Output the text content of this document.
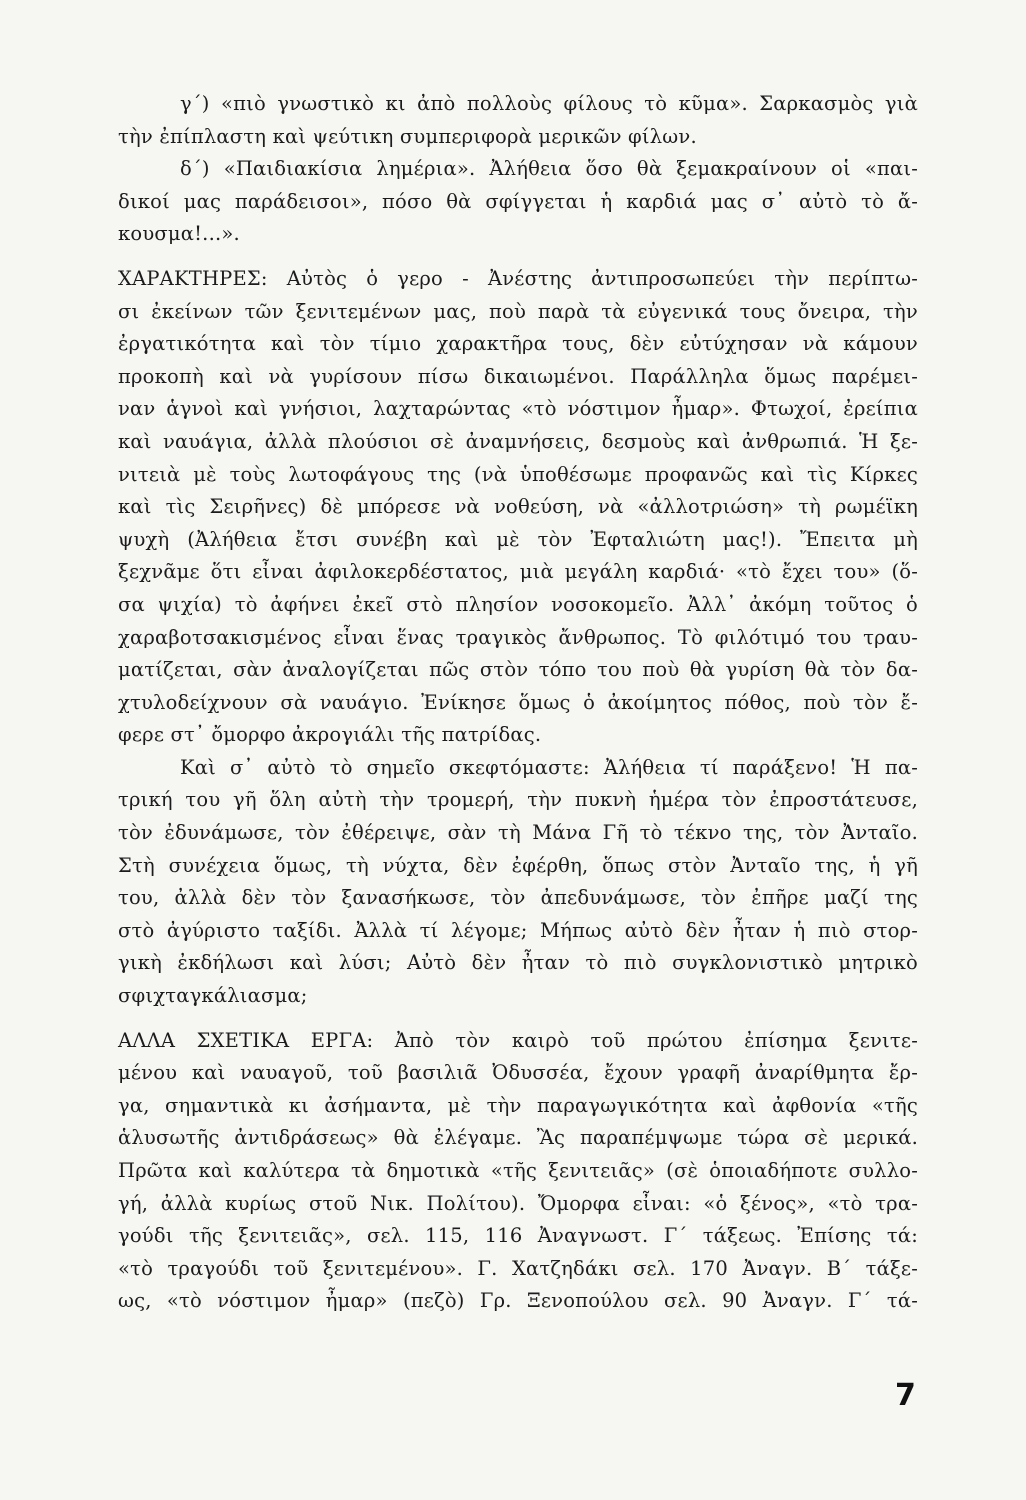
γ΄) «πιὸ γνωστικὸ κι ἀπὸ πολλοὺς φίλους τὸ κῦμα». Σαρκασμὸς γιὰ
τὴν ἐπίπλαστη καὶ ψεύτικη συμπεριφορὰ μερικῶν φίλων.
δ΄) «Παιδιακίσια λημέρια». Ἀλήθεια ὅσο θὰ ξεμακραίνουν οἱ «παι-
δικοί μας παράδεισοι», πόσο θὰ σφίγγεται ἡ καρδιά μας σ᾽ αὐτὸ τὸ ἄ-
κουσμα!...».
ΧΑΡΑΚΤΗΡΕΣ: Αὐτὸς ὁ γερο - Ἀνέστης ἀντιπροσωπεύει τὴν περίπτω-
σι ἐκείνων τῶν ξενιτεμένων μας, ποὺ παρὰ τὰ εὐγενικά τους ὄνειρα, τὴν
ἐργατικότητα καὶ τὸν τίμιο χαρακτῆρα τους, δὲν εὐτύχησαν νὰ κάμουν
προκοπὴ καὶ νὰ γυρίσουν πίσω δικαιωμένοι. Παράλληλα ὅμως παρέμει-
ναν ἁγνοὶ καὶ γνήσιοι, λαχταρώντας «τὸ νόστιμον ἦμαρ». Φτωχοί, ἐρείπια
καὶ ναυάγια, ἀλλὰ πλούσιοι σὲ ἀναμνήσεις, δεσμοὺς καὶ ἀνθρωπιά. Ἡ ξε-
νιτειὰ μὲ τοὺς λωτοφάγους της (νὰ ὑποθέσωμε προφανῶς καὶ τὶς Κίρκες
καὶ τὶς Σειρῆνες) δὲ μπόρεσε νὰ νοθεύση, νὰ «ἀλλοτριώση» τὴ ρωμέϊκη
ψυχὴ (Ἀλήθεια ἔτσι συνέβη καὶ μὲ τὸν Ἐφταλιώτη μας!). Ἔπειτα μὴ
ξεχνᾶμε ὅτι εἶναι ἀφιλοκερδέστατος, μιὰ μεγάλη καρδιά· «τὸ ἔχει του» (ὅ-
σα ψιχία) τὸ ἀφήνει ἐκεῖ στὸ πλησίον νοσοκομεῖο. Ἀλλ᾽ ἀκόμη τοῦτος ὁ
χαραβοτσακισμένος εἶναι ἕνας τραγικὸς ἄνθρωπος. Τὸ φιλότιμό του τραυ-
ματίζεται, σὰν ἀναλογίζεται πῶς στὸν τόπο του ποὺ θὰ γυρίση θὰ τὸν δα-
χτυλοδείχνουν σὰ ναυάγιο. Ἐνίκησε ὅμως ὁ ἀκοίμητος πόθος, ποὺ τὸν ἔ-
φερε στ᾽ ὄμορφο ἀκρογιάλι τῆς πατρίδας.
Καὶ σ᾽ αὐτὸ τὸ σημεῖο σκεφτόμαστε: Ἀλήθεια τί παράξενο! Ἡ πα-
τρική του γῆ ὅλη αὐτὴ τὴν τρομερή, τὴν πυκνὴ ἡμέρα τὸν ἐπροστάτευσε,
τὸν ἐδυνάμωσε, τὸν ἐθέρειψε, σὰν τὴ Μάνα Γῆ τὸ τέκνο της, τὸν Ἀνταῖο.
Στὴ συνέχεια ὅμως, τὴ νύχτα, δὲν ἐφέρθη, ὅπως στὸν Ἀνταῖο της, ἡ γῆ
του, ἀλλὰ δὲν τὸν ξανασήκωσε, τὸν ἀπεδυνάμωσε, τὸν ἐπῆρε μαζί της
στὸ ἀγύριστο ταξίδι. Ἀλλὰ τί λέγομε; Μήπως αὐτὸ δὲν ἦταν ἡ πιὸ στορ-
γικὴ ἐκδήλωσι καὶ λύσι; Αὐτὸ δὲν ἦταν τὸ πιὸ συγκλονιστικὸ μητρικὸ
σφιχταγκάλιασμα;
ΑΛΛΑ ΣΧΕΤΙΚΑ ΕΡΓΑ: Ἀπὸ τὸν καιρὸ τοῦ πρώτου ἐπίσημα ξενιτε-
μένου καὶ ναυαγοῦ, τοῦ βασιλιᾶ Ὀδυσσέα, ἔχουν γραφῆ ἀναρίθμητα ἔρ-
γα, σημαντικὰ κι ἀσήμαντα, μὲ τὴν παραγωγικότητα καὶ ἀφθονία «τῆς
ἁλυσωτῆς ἀντιδράσεως» θὰ ἐλέγαμε. Ἂς παραπέμψωμε τώρα σὲ μερικά.
Πρῶτα καὶ καλύτερα τὰ δημοτικὰ «τῆς ξενιτειᾶς» (σὲ ὁποιαδήποτε συλλο-
γή, ἀλλὰ κυρίως στοῦ Νικ. Πολίτου). Ὄμορφα εἶναι: «ὁ ξένος», «τὸ τρα-
γούδι τῆς ξενιτειᾶς», σελ. 115, 116 Ἀναγνωστ. Γ΄ τάξεως. Ἐπίσης τά:
«τὸ τραγούδι τοῦ ξενιτεμένου». Γ. Χατζηδάκι σελ. 170 Ἀναγν. Β΄ τάξε-
ως, «τὸ νόστιμον ἦμαρ» (πεζὸ) Γρ. Ξενοπούλου σελ. 90 Ἀναγν. Γ΄ τά-
7
